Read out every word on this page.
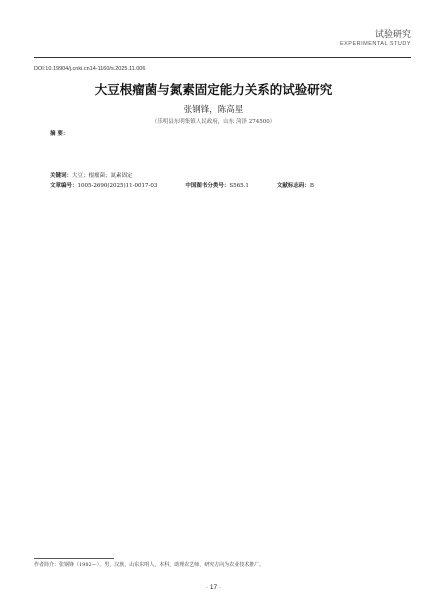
试验研究
EXPERIMENTAL STUDY
DOI:10.19904/j.cnki.cn14-1160/s.2025.11.006
大豆根瘤菌与氮素固定能力关系的试验研究
张钢锋，陈高星
（乐明县东明集镇人民政府，山东 菏泽 274500）
摘 要：
关键词：大豆；根瘤菌；氮素固定
文章编号：1005-2690(2025)11-0017-03	中国图书分类号：S565.1	文献标志码：B
作者简介：张钢锋（1982—），男，汉族，山东东明人，本科，助理农艺师，研究方向为农业技术推广。
· 17 ·
